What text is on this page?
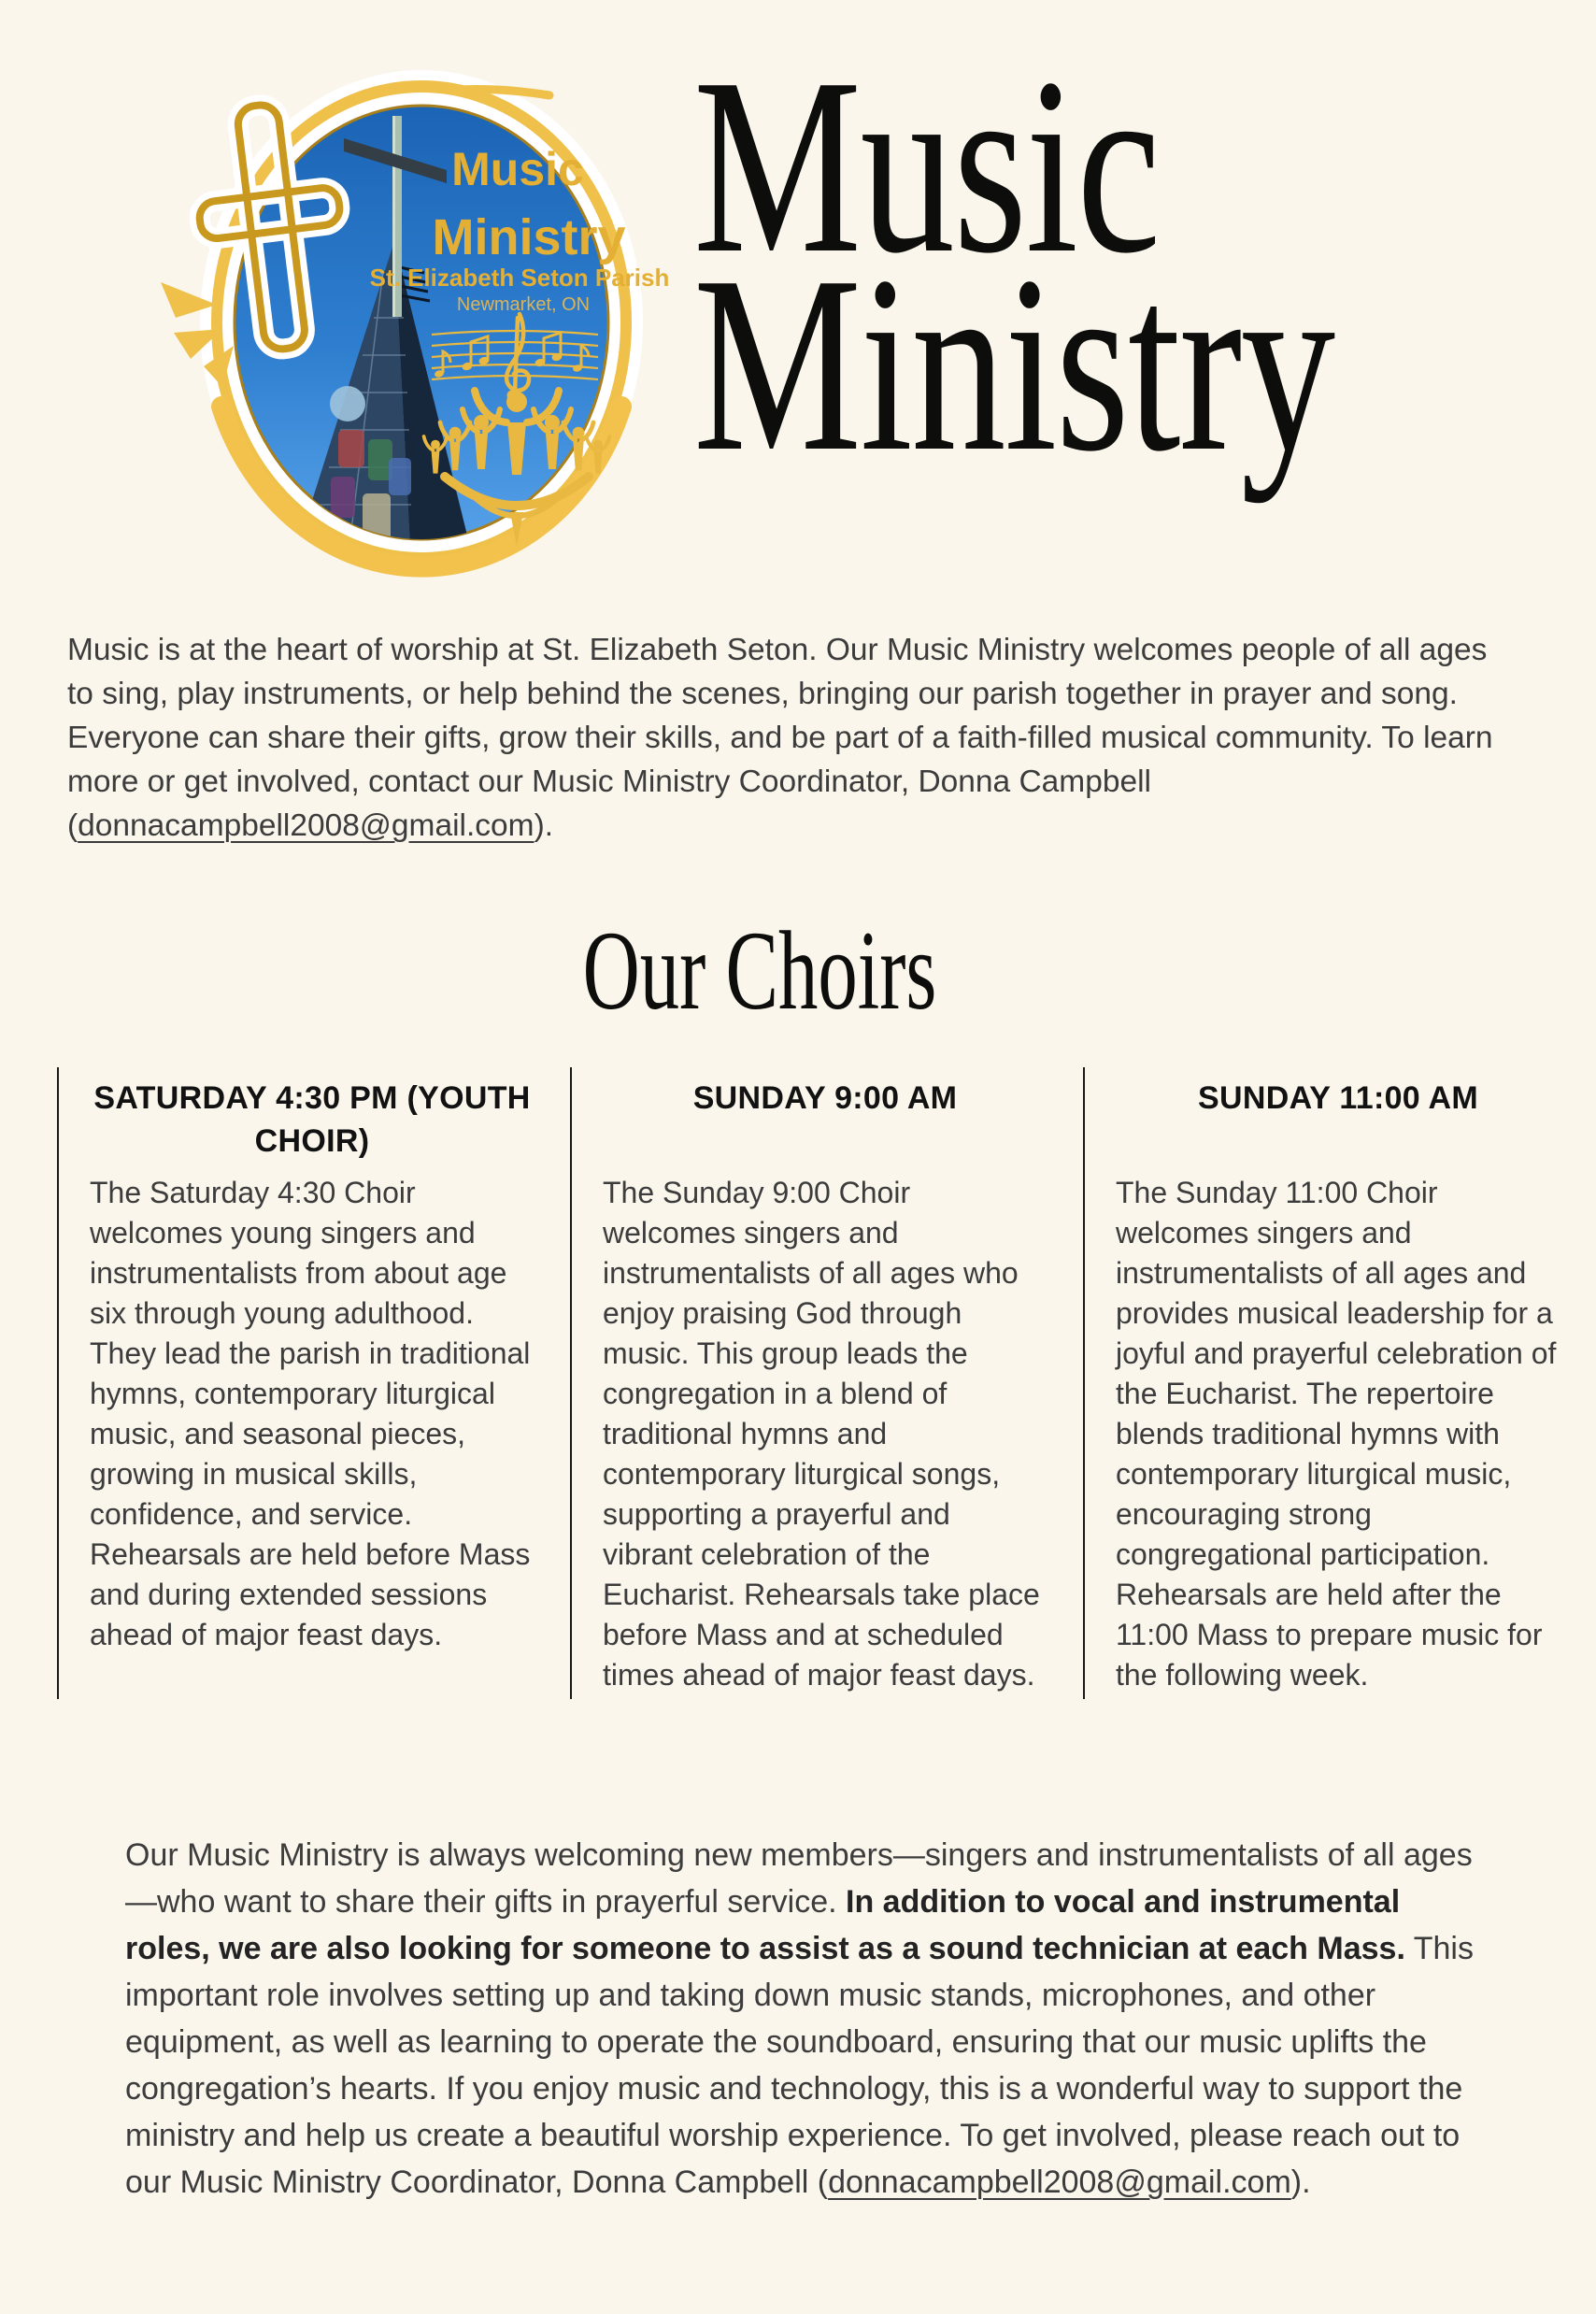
Music
Ministry
St. Elizabeth Seton Parish
Newmarket, ON Music
Ministry

Music is at the heart of worship at St. Elizabeth Seton. Our Music Ministry welcomes people of all ages to sing, play instruments, or help behind the scenes, bringing our parish together in prayer and song. Everyone can share their gifts, grow their skills, and be part of a faith-filled musical community. To learn more or get involved, contact our Music Ministry Coordinator, Donna Campbell (donnacampbell2008@gmail.com).

Our Choirs
SATURDAY 4:30 PM (YOUTH CHOIR)
The Saturday 4:30 Choir welcomes young singers and instrumentalists from about age six through young adulthood. They lead the parish in traditional hymns, contemporary liturgical music, and seasonal pieces, growing in musical skills, confidence, and service. Rehearsals are held before Mass and during extended sessions ahead of major feast days.
SUNDAY 9:00 AM
The Sunday 9:00 Choir welcomes singers and instrumentalists of all ages who enjoy praising God through music. This group leads the congregation in a blend of traditional hymns and contemporary liturgical songs, supporting a prayerful and vibrant celebration of the Eucharist. Rehearsals take place before Mass and at scheduled times ahead of major feast days.
SUNDAY 11:00 AM
The Sunday 11:00 Choir welcomes singers and instrumentalists of all ages and provides musical leadership for a joyful and prayerful celebration of the Eucharist. The repertoire blends traditional hymns with contemporary liturgical music, encouraging strong congregational participation. Rehearsals are held after the 11:00 Mass to prepare music for the following week.

Our Music Ministry is always welcoming new members—singers and instrumentalists of all ages—who want to share their gifts in prayerful service. In addition to vocal and instrumental roles, we are also looking for someone to assist as a sound technician at each Mass. This important role involves setting up and taking down music stands, microphones, and other equipment, as well as learning to operate the soundboard, ensuring that our music uplifts the congregation’s hearts. If you enjoy music and technology, this is a wonderful way to support the ministry and help us create a beautiful worship experience. To get involved, please reach out to our Music Ministry Coordinator, Donna Campbell (donnacampbell2008@gmail.com).
